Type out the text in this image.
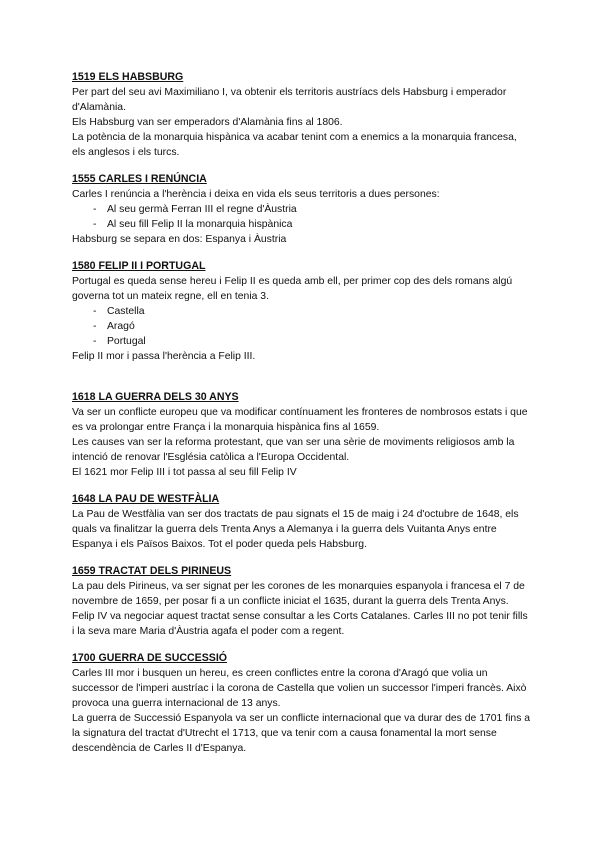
1519 ELS HABSBURG

Per part del seu avi Maximiliano I, va obtenir els territoris austríacs dels Habsburg i emperador d'Alamània.

Els Habsburg van ser emperadors d'Alamània fins al 1806.

La potència de la monarquia hispànica va acabar tenint com a enemics a la monarquia francesa, els anglesos i els turcs.

1555 CARLES I RENÚNCIA

Carles I renúncia a l'herència i deixa en vida els seus territoris a dues persones:

- Al seu germà Ferran III el regne d'Àustria
- Al seu fill Felip II la monarquia hispànica

Habsburg se separa en dos: Espanya i Àustria

1580 FELIP II I PORTUGAL

Portugal es queda sense hereu i Felip II es queda amb ell, per primer cop des dels romans algú governa tot un mateix regne, ell en tenia 3.

- Castella
- Aragó
- Portugal

Felip II mor i passa l'herència a Felip III.

1618 LA GUERRA DELS 30 ANYS

Va ser un conflicte europeu que va modificar contínuament les fronteres de nombrosos estats i que es va prolongar entre França i la monarquia hispànica fins al 1659.

Les causes van ser la reforma protestant, que van ser una sèrie de moviments religiosos amb la intenció de renovar l'Església catòlica a l'Europa Occidental.

El 1621 mor Felip III i tot passa al seu fill Felip IV

1648 LA PAU DE WESTFÀLIA

La Pau de Westfàlia van ser dos tractats de pau signats el 15 de maig i 24 d'octubre de 1648, els quals va finalitzar la guerra dels Trenta Anys a Alemanya i la guerra dels Vuitanta Anys entre Espanya i els Països Baixos. Tot el poder queda pels Habsburg.

1659 TRACTAT DELS PIRINEUS

La pau dels Pirineus, va ser signat per les corones de les monarquies espanyola i francesa el 7 de novembre de 1659, per posar fi a un conflicte iniciat el 1635, durant la guerra dels Trenta Anys. Felip IV va negociar aquest tractat sense consultar a les Corts Catalanes. Carles III no pot tenir fills i la seva mare Maria d'Àustria agafa el poder com a regent.

1700 GUERRA DE SUCCESSIÓ

Carles III mor i busquen un hereu, es creen conflictes entre la corona d'Aragó que volia un successor de l'imperi austríac i la corona de Castella que volien un successor l'imperi francès. Això provoca una guerra internacional de 13 anys.

La guerra de Successió Espanyola va ser un conflicte internacional que va durar des de 1701 fins a la signatura del tractat d'Utrecht el 1713, que va tenir com a causa fonamental la mort sense descendència de Carles II d'Espanya.
